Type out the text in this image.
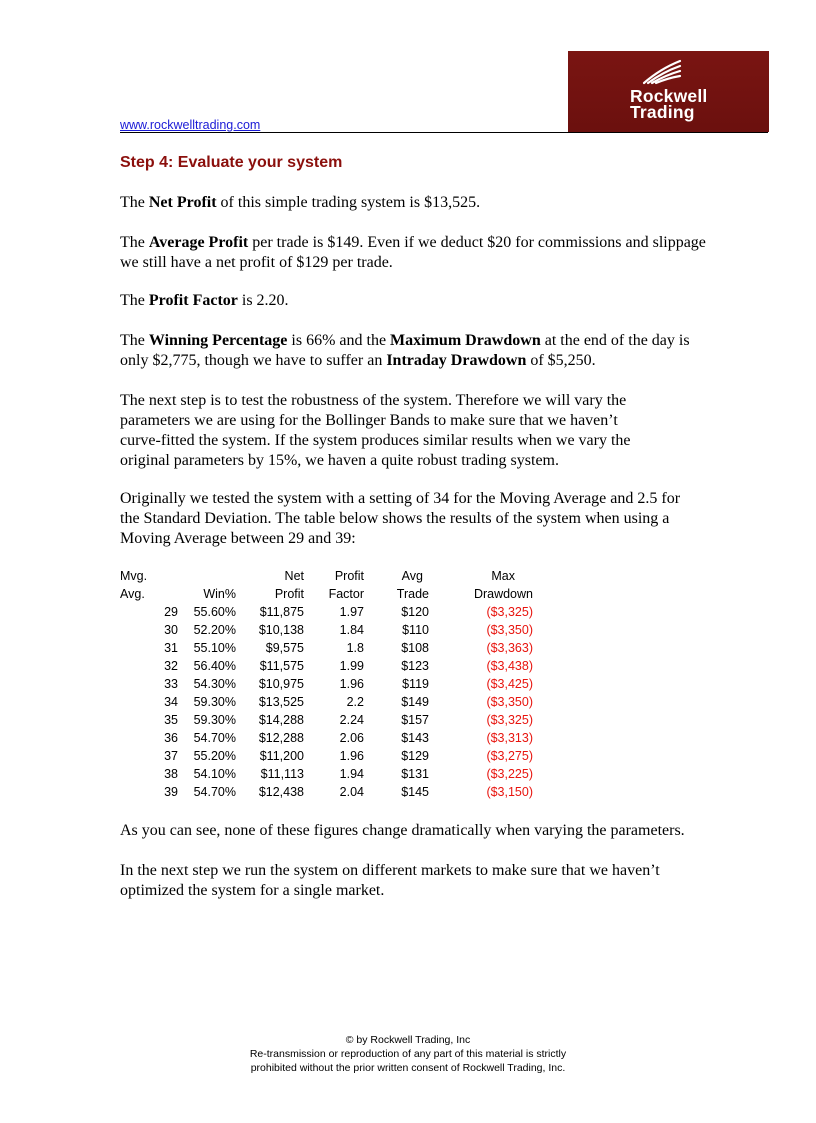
www.rockwelltrading.com
Rockwell
Trading
Step 4: Evaluate your system

The Net Profit of this simple trading system is $13,525.

The Average Profit per trade is $149. Even if we deduct $20 for commissions and slippage we still have a net profit of $129 per trade.

The Profit Factor is 2.20.

The Winning Percentage is 66% and the Maximum Drawdown at the end of the day is only $2,775, though we have to suffer an Intraday Drawdown of $5,250.

The next step is to test the robustness of the system. Therefore we will vary the parameters we are using for the Bollinger Bands to make sure that we haven’t curve-fitted the system. If the system produces similar results when we vary the original parameters by 15%, we haven a quite robust trading system.

Originally we tested the system with a setting of 34 for the Moving Average and 2.5 for the Standard Deviation. The table below shows the results of the system when using a Moving Average between 29 and 39:

Mvg.		Net	Profit	Avg	Max
Avg.	Win%	Profit	Factor	Trade	Drawdown
29	55.60%	$11,875	1.97	$120	($3,325)
30	52.20%	$10,138	1.84	$110	($3,350)
31	55.10%	$9,575	1.8	$108	($3,363)
32	56.40%	$11,575	1.99	$123	($3,438)
33	54.30%	$10,975	1.96	$119	($3,425)
34	59.30%	$13,525	2.2	$149	($3,350)
35	59.30%	$14,288	2.24	$157	($3,325)
36	54.70%	$12,288	2.06	$143	($3,313)
37	55.20%	$11,200	1.96	$129	($3,275)
38	54.10%	$11,113	1.94	$131	($3,225)
39	54.70%	$12,438	2.04	$145	($3,150)

As you can see, none of these figures change dramatically when varying the parameters.

In the next step we run the system on different markets to make sure that we haven’t optimized the system for a single market.

© by Rockwell Trading, Inc
Re-transmission or reproduction of any part of this material is strictly
prohibited without the prior written consent of Rockwell Trading, Inc.
